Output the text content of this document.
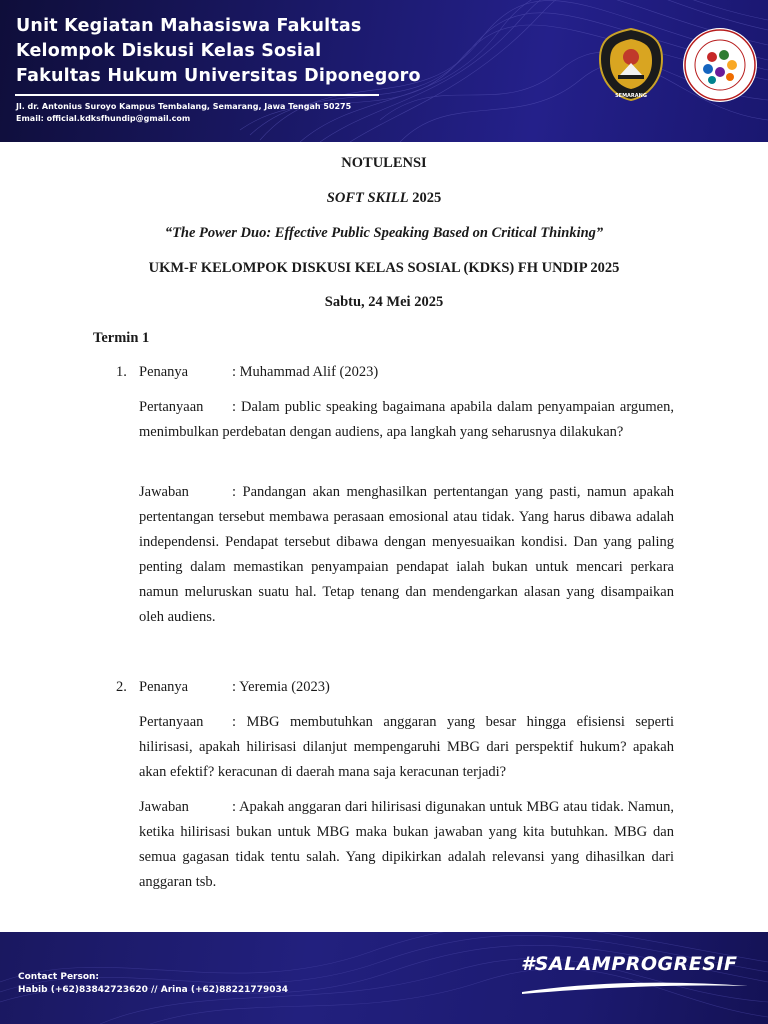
Unit Kegiatan Mahasiswa Fakultas
Kelompok Diskusi Kelas Sosial
Fakultas Hukum Universitas Diponegoro
Jl. dr. Antonius Suroyo Kampus Tembalang, Semarang, Jawa Tengah 50275
Email: official.kdksfhundip@gmail.com
SEMARANG
NOTULENSI
SOFT SKILL 2025
“The Power Duo: Effective Public Speaking Based on Critical Thinking”
UKM-F KELOMPOK DISKUSI KELAS SOSIAL (KDKS) FH UNDIP 2025
Sabtu, 24 Mei 2025
Termin 1
1. Penanya	: Muhammad Alif (2023)
Pertanyaan : Dalam public speaking bagaimana apabila dalam penyampaian argumen, menimbulkan perdebatan dengan audiens, apa langkah yang seharusnya dilakukan?
Jawaban	: Pandangan akan menghasilkan pertentangan yang pasti, namun apakah pertentangan tersebut membawa perasaan emosional atau tidak. Yang harus dibawa adalah independensi. Pendapat tersebut dibawa dengan menyesuaikan kondisi. Dan yang paling penting dalam memastikan penyampaian pendapat ialah bukan untuk mencari perkara namun meluruskan suatu hal. Tetap tenang dan mendengarkan alasan yang disampaikan oleh audiens.
2. Penanya	: Yeremia (2023)
Pertanyaan : MBG membutuhkan anggaran yang besar hingga efisiensi seperti hilirisasi, apakah hilirisasi dilanjut mempengaruhi MBG dari perspektif hukum? apakah akan efektif? keracunan di daerah mana saja keracunan terjadi?
Jawaban	: Apakah anggaran dari hilirisasi digunakan untuk MBG atau tidak. Namun, ketika hilirisasi bukan untuk MBG maka bukan jawaban yang kita butuhkan. MBG dan semua gagasan tidak tentu salah. Yang dipikirkan adalah relevansi yang dihasilkan dari anggaran tsb.
Contact Person:
Habib (+62)83842723620 // Arina (+62)88221779034
#SALAMPROGRESIF
